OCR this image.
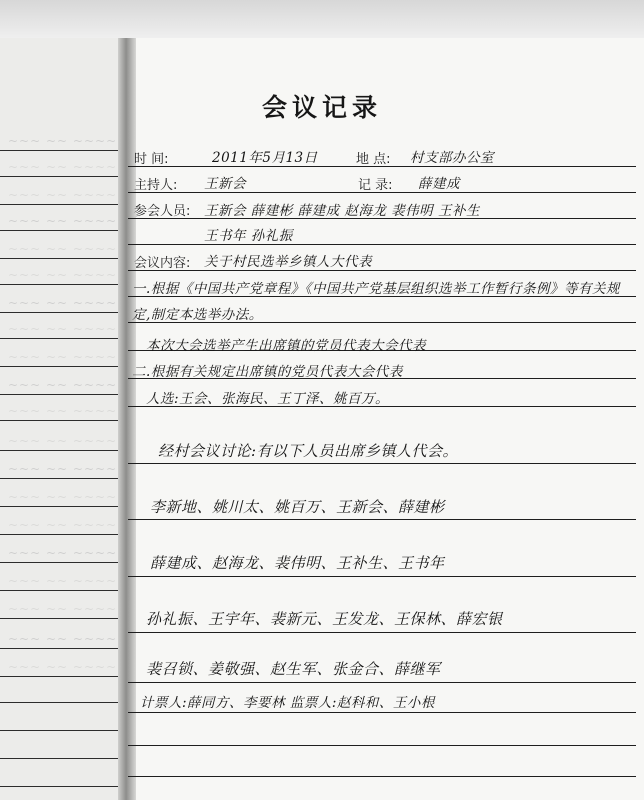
~~~ ~~ ~~~~
~~~ ~~ ~~~~
~~~ ~~ ~~~~
~~~ ~~ ~~~~
~~~ ~~ ~~~~
~~~ ~~ ~~~~
~~~ ~~ ~~~~
~~~ ~~ ~~~~
~~~ ~~ ~~~~
~~~ ~~ ~~~~
~~~ ~~ ~~~~
~~~ ~~ ~~~~
~~~ ~~ ~~~~
~~~ ~~ ~~~~
~~~ ~~ ~~~~
~~~ ~~ ~~~~
~~~ ~~ ~~~~
~~~ ~~ ~~~~
~~~ ~~ ~~~~
~~~ ~~ ~~~~
会议记录
时 间:	2011年5月13日	地 点: 村支部办公室
主持人: 王新会	记 录: 薛建成
参会人员: 王新会 薛建彬 薛建成 赵海龙 裴伟明 王补生
王书年 孙礼振
会议内容: 关于村民选举乡镇人大代表
一.根据《中国共产党章程》《中国共产党基层组织选举工作暂行条例》等有关规定,制定本选举办法。
本次大会选举产生出席镇的党员代表大会代表
二.根据有关规定出席镇的党员代表大会代表
人选:王会、张海民、王丁泽、姚百万。
经村会议讨论:有以下人员出席乡镇人代会。
李新地、姚川太、姚百万、王新会、薛建彬
薛建成、赵海龙、裴伟明、王补生、王书年
孙礼振、王宇年、裴新元、王发龙、王保林、薛宏银
裴召锁、姜敬强、赵生军、张金合、薛继军
计票人:薛同方、李要林 监票人:赵科和、王小根
